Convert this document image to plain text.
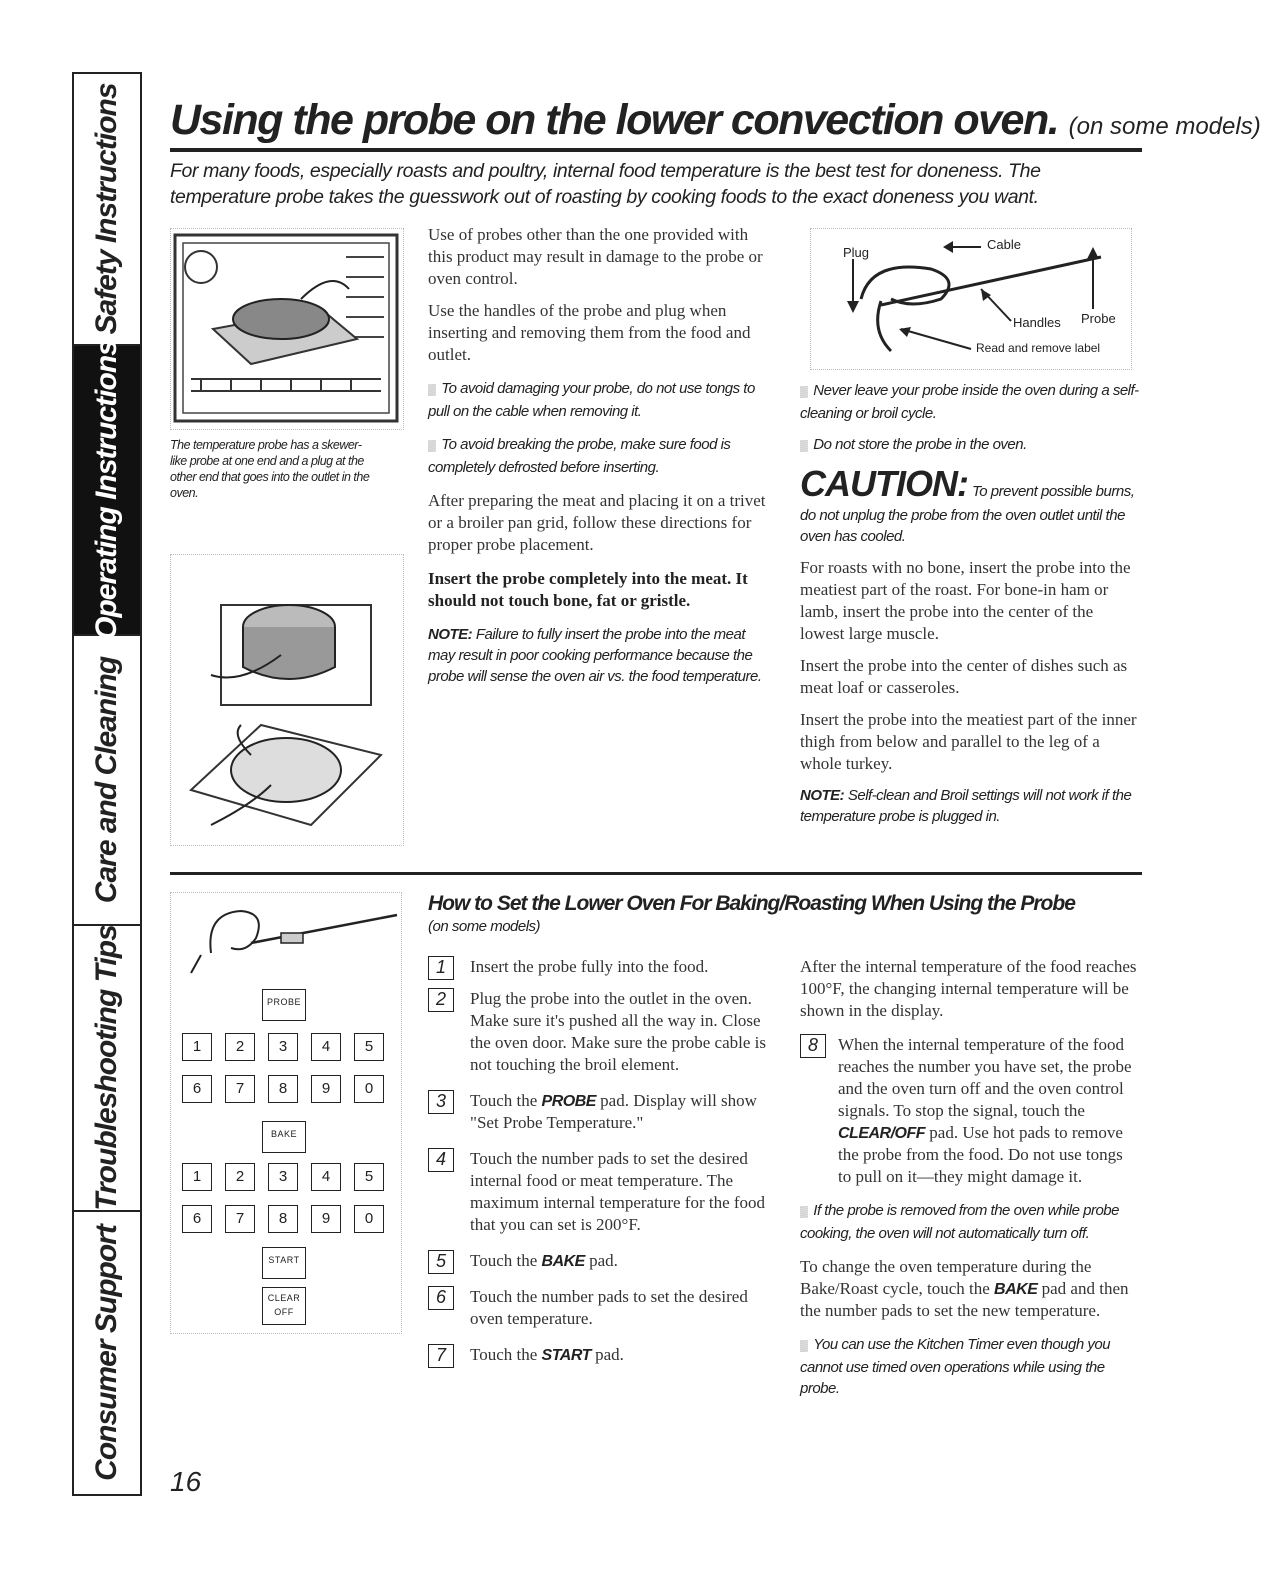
Safety Instructions
Operating Instructions
Care and Cleaning
Troubleshooting Tips
Consumer Support
Using the probe on the lower convection oven. (on some models)
For many foods, especially roasts and poultry, internal food temperature is the best test for doneness. The temperature probe takes the guesswork out of roasting by cooking foods to the exact doneness you want.
The temperature probe has a skewer-like probe at one end and a plug at the other end that goes into the outlet in the oven.

Use of probes other than the one provided with this product may result in damage to the probe or oven control.

Use the handles of the probe and plug when inserting and removing them from the food and outlet.

▒ To avoid damaging your probe, do not use tongs to pull on the cable when removing it.

▒ To avoid breaking the probe, make sure food is completely defrosted before inserting.

After preparing the meat and placing it on a trivet or a broiler pan grid, follow these directions for proper probe placement.

Insert the probe completely into the meat. It should not touch bone, fat or gristle.

NOTE: Failure to fully insert the probe into the meat may result in poor cooking performance because the probe will sense the oven air vs. the food temperature.

Plug
Cable
Handles Probe
Read and remove label

▒ Never leave your probe inside the oven during a self-cleaning or broil cycle.

▒ Do not store the probe in the oven.

CAUTION: To prevent possible burns,

do not unplug the probe from the oven outlet until the oven has cooled.

For roasts with no bone, insert the probe into the meatiest part of the roast. For bone-in ham or lamb, insert the probe into the center of the lowest large muscle.

Insert the probe into the center of dishes such as meat loaf or casseroles.

Insert the probe into the meatiest part of the inner thigh from below and parallel to the leg of a whole turkey.

NOTE: Self-clean and Broil settings will not work if the temperature probe is plugged in.

How to Set the Lower Oven For Baking/Roasting When Using the Probe
(on some models)
PROBE
1	2	3	4	5
6	7	8	9	0
BAKE
1	2	3	4	5
6	7	8	9	0
START
CLEAR
OFF
1	Insert the probe fully into the food.

2	Plug the probe into the outlet in the oven. Make sure it's pushed all the way in. Close the oven door. Make sure the probe cable is not touching the broil element.

3	Touch the PROBE pad. Display will show "Set Probe Temperature."

4	Touch the number pads to set the desired internal food or meat temperature. The maximum internal temperature for the food that you can set is 200°F.

5	Touch the BAKE pad.

6	Touch the number pads to set the desired oven temperature.

7	Touch the START pad.

After the internal temperature of the food reaches 100°F, the changing internal temperature will be shown in the display.

8	When the internal temperature of the food reaches the number you have set, the probe and the oven turn off and the oven control signals. To stop the signal, touch the CLEAR/OFF pad. Use hot pads to remove the probe from the food. Do not use tongs to pull on it—they might damage it.

▒ If the probe is removed from the oven while probe cooking, the oven will not automatically turn off.

To change the oven temperature during the Bake/Roast cycle, touch the BAKE pad and then the number pads to set the new temperature.

▒ You can use the Kitchen Timer even though you cannot use timed oven operations while using the probe.

16
